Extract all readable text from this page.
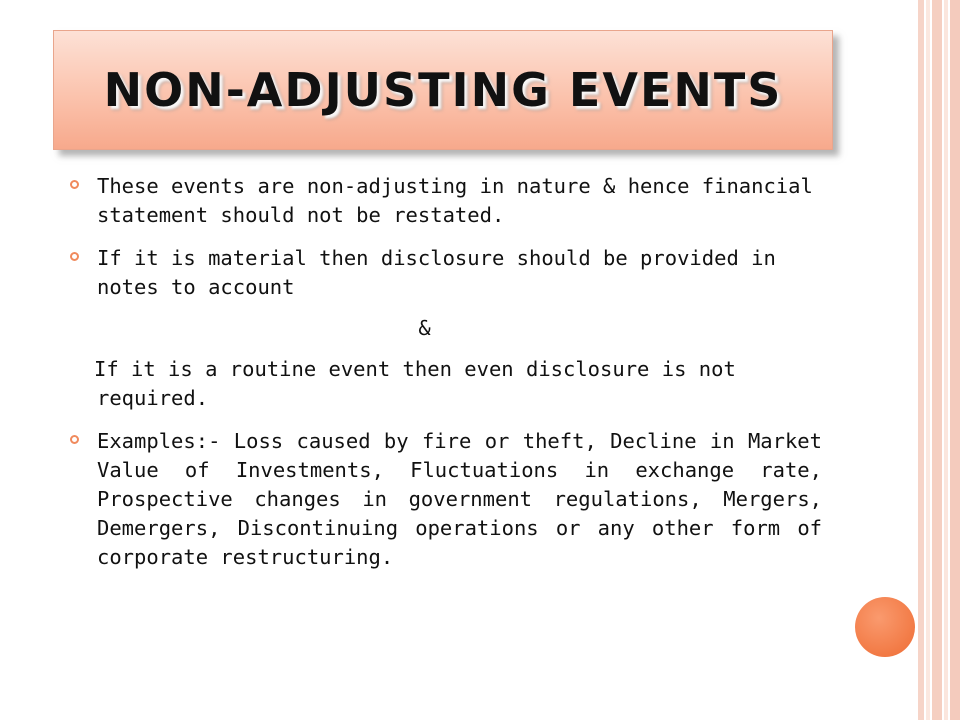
NON-ADJUSTING EVENTS
These events are non-adjusting in nature & hence financial statement should not be restated.
If it is material then disclosure should be provided in notes to account
&
If it is a routine event then even disclosure is not required.
Examples:- Loss caused by fire or theft, Decline in Market Value of Investments, Fluctuations in exchange rate, Prospective changes in government regulations, Mergers, Demergers, Discontinuing operations or any other form of corporate restructuring.
